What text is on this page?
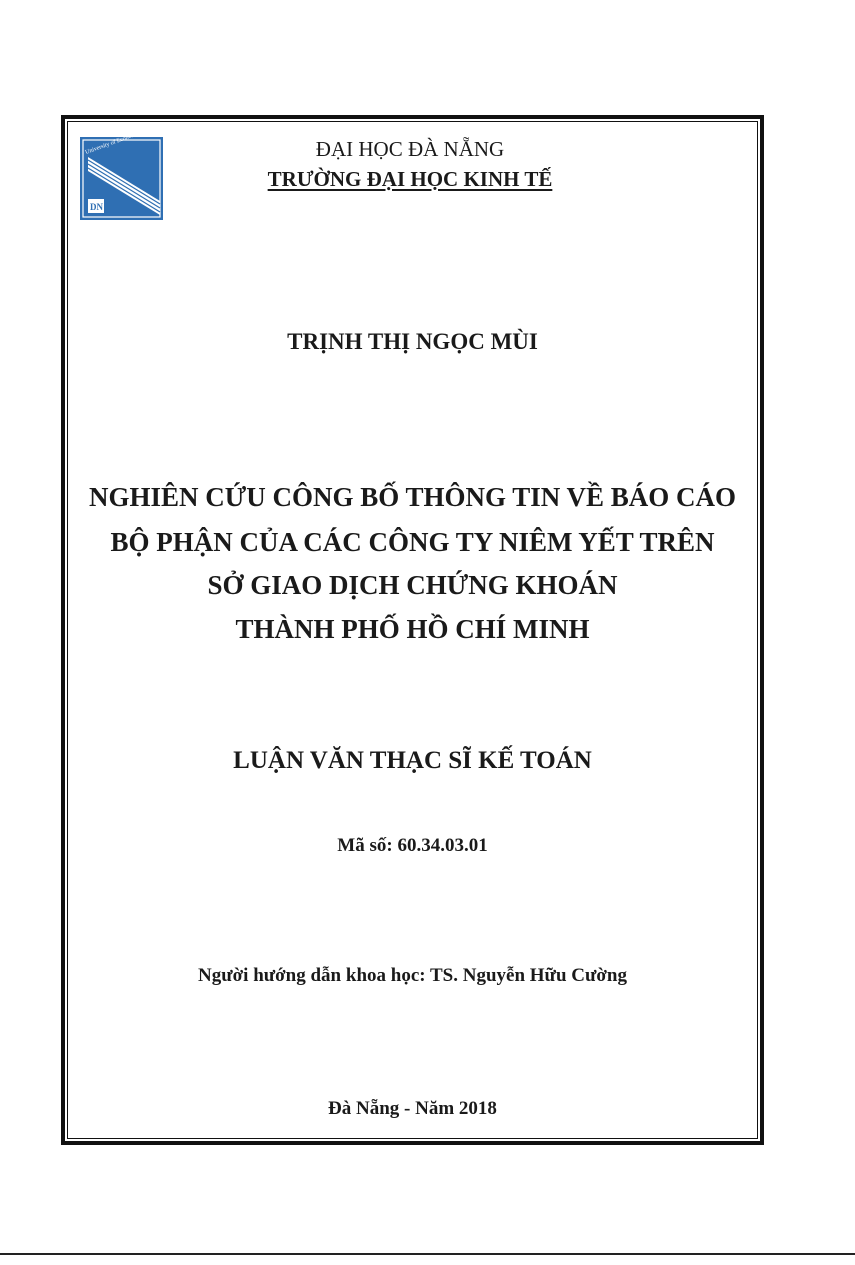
DN
ĐẠI HỌC ĐÀ NẴNG
TRƯỜNG ĐẠI HỌC KINH TẾ
TRỊNH THỊ NGỌC MÙI
NGHIÊN CỨU CÔNG BỐ THÔNG TIN VỀ BÁO CÁO
BỘ PHẬN CỦA CÁC CÔNG TY NIÊM YẾT TRÊN
SỞ GIAO DỊCH CHỨNG KHOÁN
THÀNH PHỐ HỒ CHÍ MINH
LUẬN VĂN THẠC SĨ KẾ TOÁN
Mã số: 60.34.03.01
Người hướng dẫn khoa học: TS. Nguyễn Hữu Cường
Đà Nẵng - Năm 2018
